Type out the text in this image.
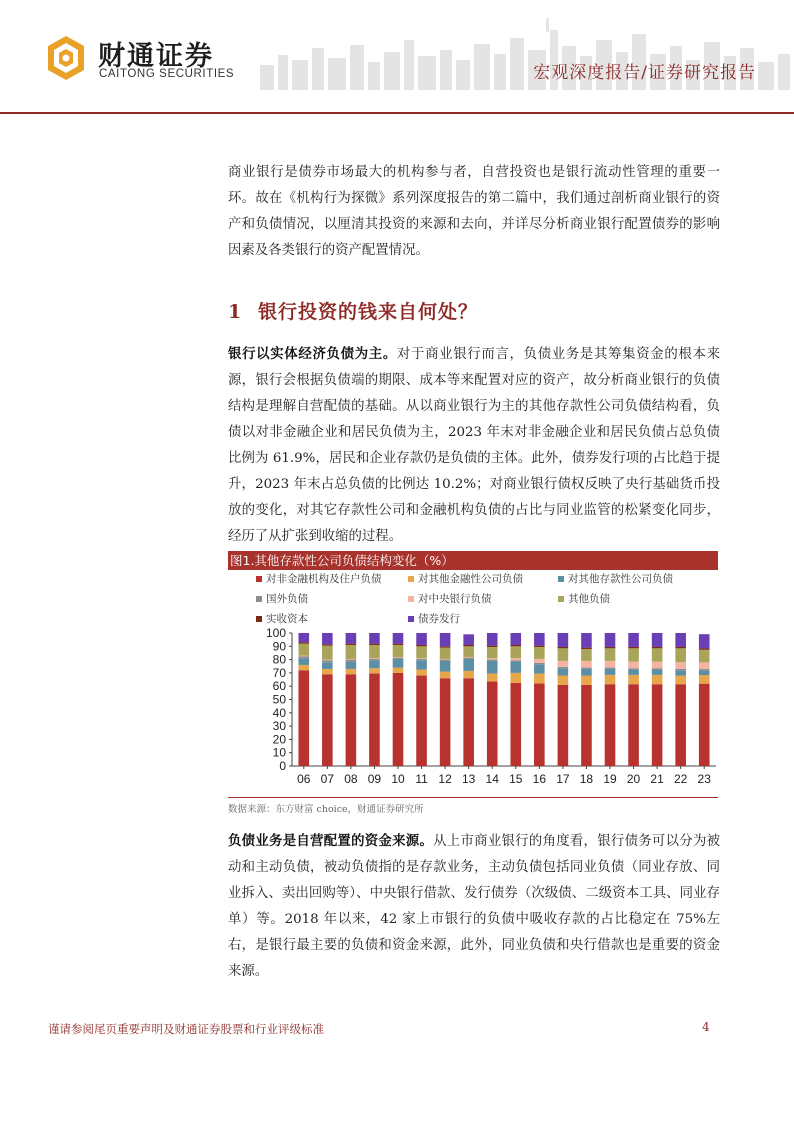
财通证券
CAITONG SECURITIES	宏观深度报告/证券研究报告

商业银行是债券市场最大的机构参与者，自营投资也是银行流动性管理的重要一环。故在《机构行为探微》系列深度报告的第二篇中，我们通过剖析商业银行的资产和负债情况，以厘清其投资的来源和去向，并详尽分析商业银行配置债券的影响因素及各类银行的资产配置情况。

1 银行投资的钱来自何处？

银行以实体经济负债为主。对于商业银行而言，负债业务是其筹集资金的根本来源，银行会根据负债端的期限、成本等来配置对应的资产，故分析商业银行的负债结构是理解自营配债的基础。从以商业银行为主的其他存款性公司负债结构看，负债以对非金融企业和居民负债为主，2023 年末对非金融企业和居民负债占总负债比例为 61.9%，居民和企业存款仍是负债的主体。此外，债券发行项的占比趋于提升，2023 年末占总负债的比例达 10.2%；对商业银行债权反映了央行基础货币投放的变化，对其它存款性公司和金融机构负债的占比与同业监管的松紧变化同步，经历了从扩张到收缩的过程。

图1.其他存款性公司负债结构变化（%）
对非金融机构及住户负债	对其他金融性公司负债	对其他存款性公司负债
国外负债	对中央银行负债	其他负债
实收资本	债券发行
0
10
20
30
40
50
60
70
80
90
100
06 07 08 09 10 11 12 13 14 15 16 17 18 19 20 21 22 23
数据来源：东方财富 choice，财通证券研究所

负债业务是自营配置的资金来源。从上市商业银行的角度看，银行债务可以分为被动和主动负债，被动负债指的是存款业务，主动负债包括同业负债（同业存放、同业拆入、卖出回购等）、中央银行借款、发行债券（次级债、二级资本工具、同业存单）等。2018 年以来，42 家上市银行的负债中吸收存款的占比稳定在 75%左右，是银行最主要的负债和资金来源，此外，同业负债和央行借款也是重要的资金来源。

谨请参阅尾页重要声明及财通证券股票和行业评级标准	4
